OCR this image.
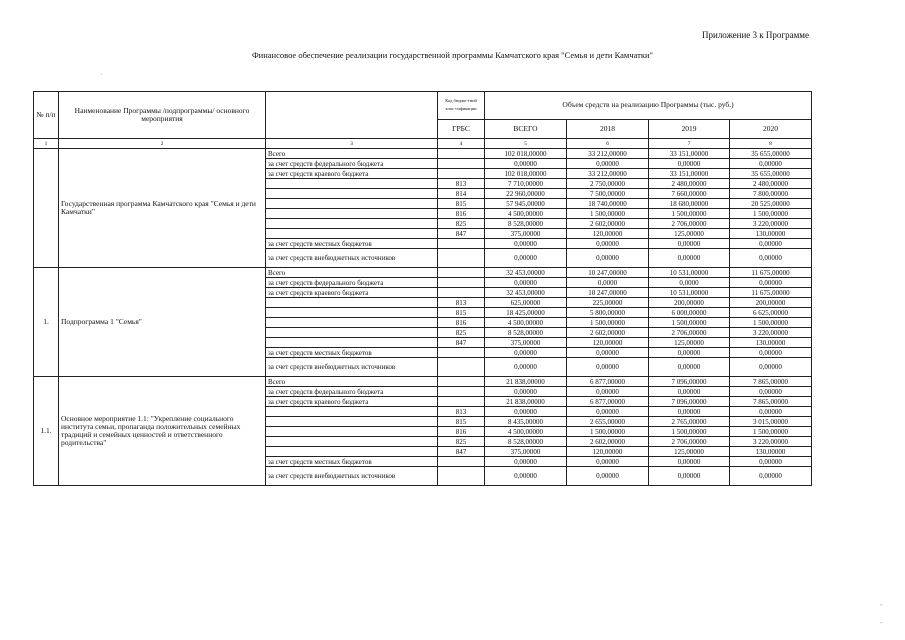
Приложение 3 к Программе
Финансовое обеспечение реализации государственной программы Камчатского края "Семья и дети Камчатки"
·
-
-
№ п/п	Наименование Программы /подпрограммы/ основного мероприятия		Код бюдже-тной клас-сификации	Объем средств на реализацию Программы (тыс. руб.)			
			ГРБС	ВСЕГО	2018	2019	2020
1	2	3	4	5	6	7	8
	Государственная программа Камчатского края "Семья и дети Камчатки"	Всего		102 018,00000	33 212,00000	33 151,00000	35 655,00000
		за счет средств федерального бюджета		0,00000	0,00000	0,00000	0,00000
		за счет средств краевого бюджета		102 018,00000	33 212,00000	33 151,00000	35 655,00000
			813	7 710,00000	2 750,00000	2 480,00000	2 480,00000
			814	22 960,00000	7 500,00000	7 660,00000	7 800,00000
			815	57 945,00000	18 740,00000	18 680,00000	20 525,00000
			816	4 500,00000	1 500,00000	1 500,00000	1 500,00000
			825	8 528,00000	2 602,00000	2 706,00000	3 220,00000
			847	375,00000	120,00000	125,00000	130,00000
		за счет средств местных бюджетов		0,00000	0,00000	0,00000	0,00000
		за счет средств внебюджетных источников		0,00000	0,00000	0,00000	0,00000
1.	Подпрограмма 1 "Семья"	Всего		32 453,00000	10 247,00000	10 531,00000	11 675,00000
		за счет средств федерального бюджета		0,00000	0,0000	0,0000	0,00000
		за счет средств краевого бюджета		32 453,00000	10 247,00000	10 531,00000	11 675,00000
			813	625,00000	225,00000	200,00000	200,00000
			815	18 425,00000	5 800,00000	6 000,00000	6 625,00000
			816	4 500,00000	1 500,00000	1 500,00000	1 500,00000
			825	8 528,00000	2 602,00000	2 706,00000	3 220,00000
			847	375,00000	120,00000	125,00000	130,00000
		за счет средств местных бюджетов		0,00000	0,00000	0,00000	0,00000
		за счет средств внебюджетных источников		0,00000	0,00000	0,00000	0,00000
1.1.	Основное мероприятие 1.1: "Укрепление социального института семьи, пропаганда положительных семейных традиций и семейных ценностей и ответственного родительства"	Всего		21 838,00000	6 877,00000	7 096,00000	7 865,00000
		за счет средств федерального бюджета		0,00000	0,00000	0,00000	0,00000
		за счет средств краевого бюджета		21 838,00000	6 877,00000	7 096,00000	7 865,00000
			813	0,00000	0,00000	0,00000	0,00000
			815	8 435,00000	2 655,00000	2 765,00000	3 015,00000
			816	4 500,00000	1 500,00000	1 500,00000	1 500,00000
			825	8 528,00000	2 602,00000	2 706,00000	3 220,00000
			847	375,00000	120,00000	125,00000	130,00000
		за счет средств местных бюджетов		0,00000	0,00000	0,00000	0,00000
		за счет средств внебюджетных источников		0,00000	0,00000	0,00000	0,00000
